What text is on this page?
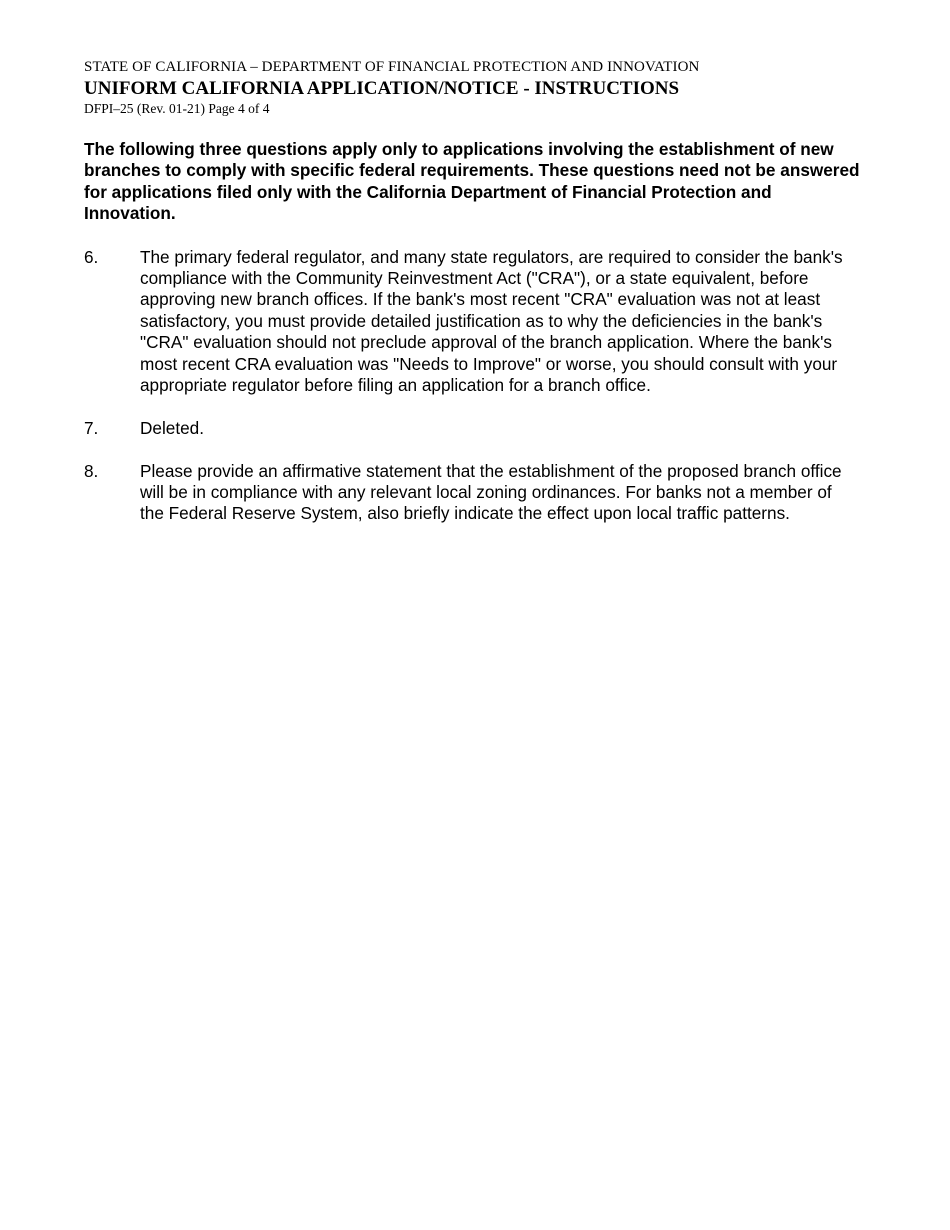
STATE OF CALIFORNIA – DEPARTMENT OF FINANCIAL PROTECTION AND INNOVATION
UNIFORM CALIFORNIA APPLICATION/NOTICE - INSTRUCTIONS
DFPI–25 (Rev. 01-21) Page 4 of 4
The following three questions apply only to applications involving the establishment of new branches to comply with specific federal requirements. These questions need not be answered for applications filed only with the California Department of Financial Protection and Innovation.
6.	The primary federal regulator, and many state regulators, are required to consider the bank's compliance with the Community Reinvestment Act ("CRA"), or a state equivalent, before approving new branch offices. If the bank's most recent "CRA" evaluation was not at least satisfactory, you must provide detailed justification as to why the deficiencies in the bank's "CRA" evaluation should not preclude approval of the branch application. Where the bank's most recent CRA evaluation was "Needs to Improve" or worse, you should consult with your appropriate regulator before filing an application for a branch office.
7.	Deleted.
8.	Please provide an affirmative statement that the establishment of the proposed branch office will be in compliance with any relevant local zoning ordinances. For banks not a member of the Federal Reserve System, also briefly indicate the effect upon local traffic patterns.
